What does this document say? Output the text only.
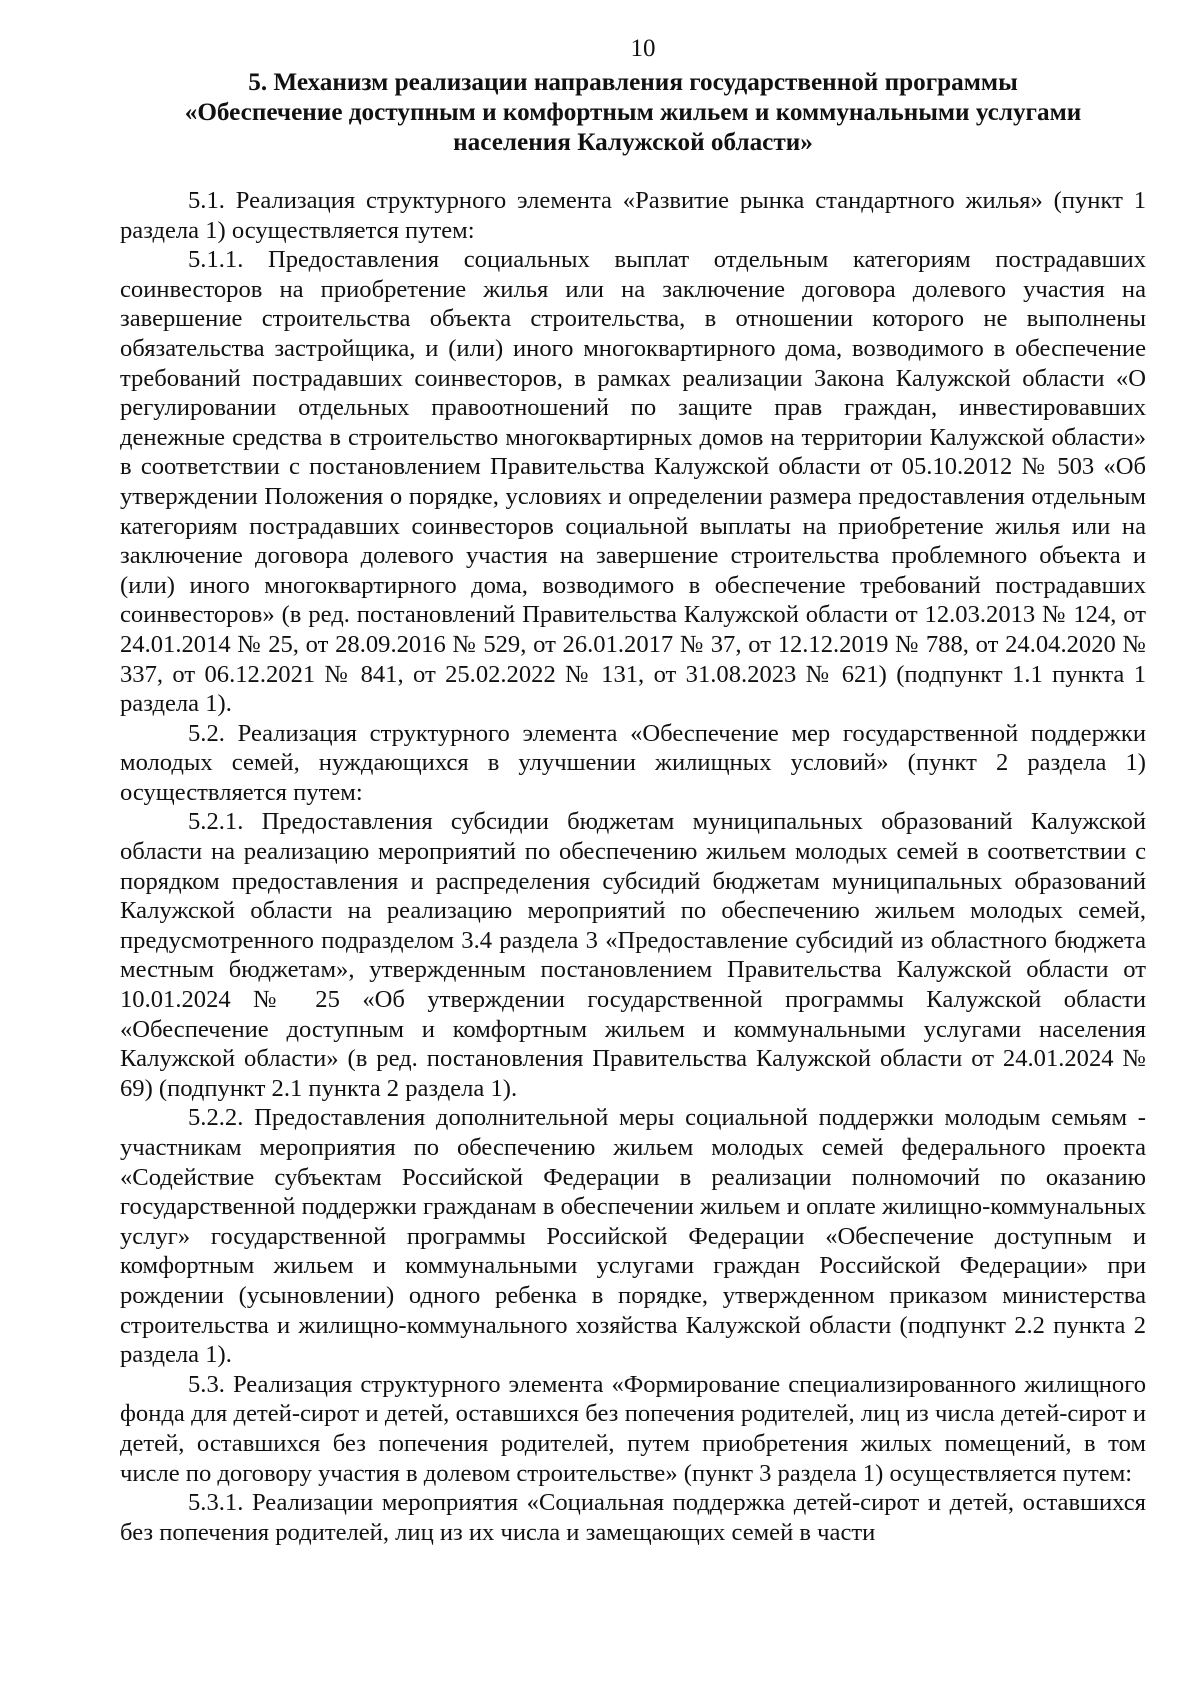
10
5. Механизм реализации направления государственной программы
«Обеспечение доступным и комфортным жильем и коммунальными услугами
населения Калужской области»

5.1. Реализация структурного элемента «Развитие рынка стандартного жилья» (пункт 1 раздела 1) осуществляется путем:

5.1.1. Предоставления социальных выплат отдельным категориям пострадавших соинвесторов на приобретение жилья или на заключение договора долевого участия на завершение строительства объекта строительства, в отношении которого не выполнены обязательства застройщика, и (или) иного многоквартирного дома, возводимого в обеспечение требований пострадавших соинвесторов, в рамках реализации Закона Калужской области «О регулировании отдельных правоотношений по защите прав граждан, инвестировавших денежные средства в строительство многоквартирных домов на территории Калужской области» в соответствии с постановлением Правительства Калужской области от 05.10.2012 № 503 «Об утверждении Положения о порядке, условиях и определении размера предоставления отдельным категориям пострадавших соинвесторов социальной выплаты на приобретение жилья или на заключение договора долевого участия на завершение строительства проблемного объекта и (или) иного многоквартирного дома, возводимого в обеспечение требований пострадавших соинвесторов» (в ред. постановлений Правительства Калужской области от 12.03.2013 № 124, от 24.01.2014 № 25, от 28.09.2016 № 529, от 26.01.2017 № 37, от 12.12.2019 № 788, от 24.04.2020 № 337, от 06.12.2021 № 841, от 25.02.2022 № 131, от 31.08.2023 № 621) (подпункт 1.1 пункта 1 раздела 1).

5.2. Реализация структурного элемента «Обеспечение мер государственной поддержки молодых семей, нуждающихся в улучшении жилищных условий» (пункт 2 раздела 1) осуществляется путем:

5.2.1. Предоставления субсидии бюджетам муниципальных образований Калужской области на реализацию мероприятий по обеспечению жильем молодых семей в соответствии с порядком предоставления и распределения субсидий бюджетам муниципальных образований Калужской области на реализацию мероприятий по обеспечению жильем молодых семей, предусмотренного подразделом 3.4 раздела 3 «Предоставление субсидий из областного бюджета местным бюджетам», утвержденным постановлением Правительства Калужской области от 10.01.2024 № 25 «Об утверждении государственной программы Калужской области «Обеспечение доступным и комфортным жильем и коммунальными услугами населения Калужской области» (в ред. постановления Правительства Калужской области от 24.01.2024 № 69) (подпункт 2.1 пункта 2 раздела 1).

5.2.2. Предоставления дополнительной меры социальной поддержки молодым семьям - участникам мероприятия по обеспечению жильем молодых семей федерального проекта «Содействие субъектам Российской Федерации в реализации полномочий по оказанию государственной поддержки гражданам в обеспечении жильем и оплате жилищно-коммунальных услуг» государственной программы Российской Федерации «Обеспечение доступным и комфортным жильем и коммунальными услугами граждан Российской Федерации» при рождении (усыновлении) одного ребенка в порядке, утвержденном приказом министерства строительства и жилищно-коммунального хозяйства Калужской области (подпункт 2.2 пункта 2 раздела 1).

5.3. Реализация структурного элемента «Формирование специализированного жилищного фонда для детей-сирот и детей, оставшихся без попечения родителей, лиц из числа детей-сирот и детей, оставшихся без попечения родителей, путем приобретения жилых помещений, в том числе по договору участия в долевом строительстве» (пункт 3 раздела 1) осуществляется путем:

5.3.1. Реализации мероприятия «Социальная поддержка детей-сирот и детей, оставшихся без попечения родителей, лиц из их числа и замещающих семей в части
